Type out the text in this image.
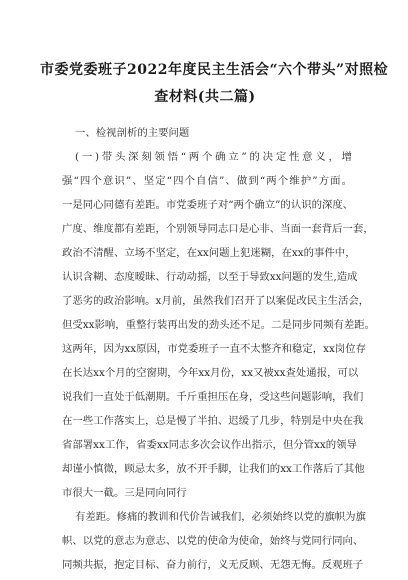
市委党委班子2022年度民主生活会“六个带头”对照检
查材料(共二篇)
一、检视剖析的主要问题
(一)带头深刻领悟“两个确立”的决定性意义，增
强“四个意识”、坚定“四个自信”、做到“两个维护”方面。
一是同心同德有差距。市党委班子对“两个确立”的认识的深度、
广度、维度都有差距，个别领导同志口是心非、当面一套背后一套，
政治不清醒、立场不坚定，在xx问题上犯迷糊，在xx的事件中，
认识含糊、态度暧昧、行动动摇，以至于导致xx问题的发生,造成
了恶劣的政治影响。x月前，虽然我们召开了以案促改民主生活会，
但受xx影响，重整行装再出发的劲头还不足。二是同步同频有差距。
这两年，因为xx原因，市党委班子一直不太整齐和稳定，xx岗位存
在长达xx个月的空窗期，今年xx月份，xx又被xx查处通报，可以
说我们一直处于低潮期。千斤重担压在身，受这些问题影响，我们
在一些工作落实上，总是慢了半拍、迟缓了几步，特别是中央在我
省部署xx工作，省委xx同志多次会议作出指示，但分管xx的领导
却谨小慎微，顾忌太多，放不开手脚，让我们的xx工作落后了其他
市很大一截。三是同向同行
有差距。修痛的教训和代价告诫我们，必须始终以党的旗帜为旗
帜、以党的意志为意志、以党的使命为使命，始终与党同行同向、
同频共振，抱定目标、奋力前行，义无反顾、无怨无悔。反观班子
